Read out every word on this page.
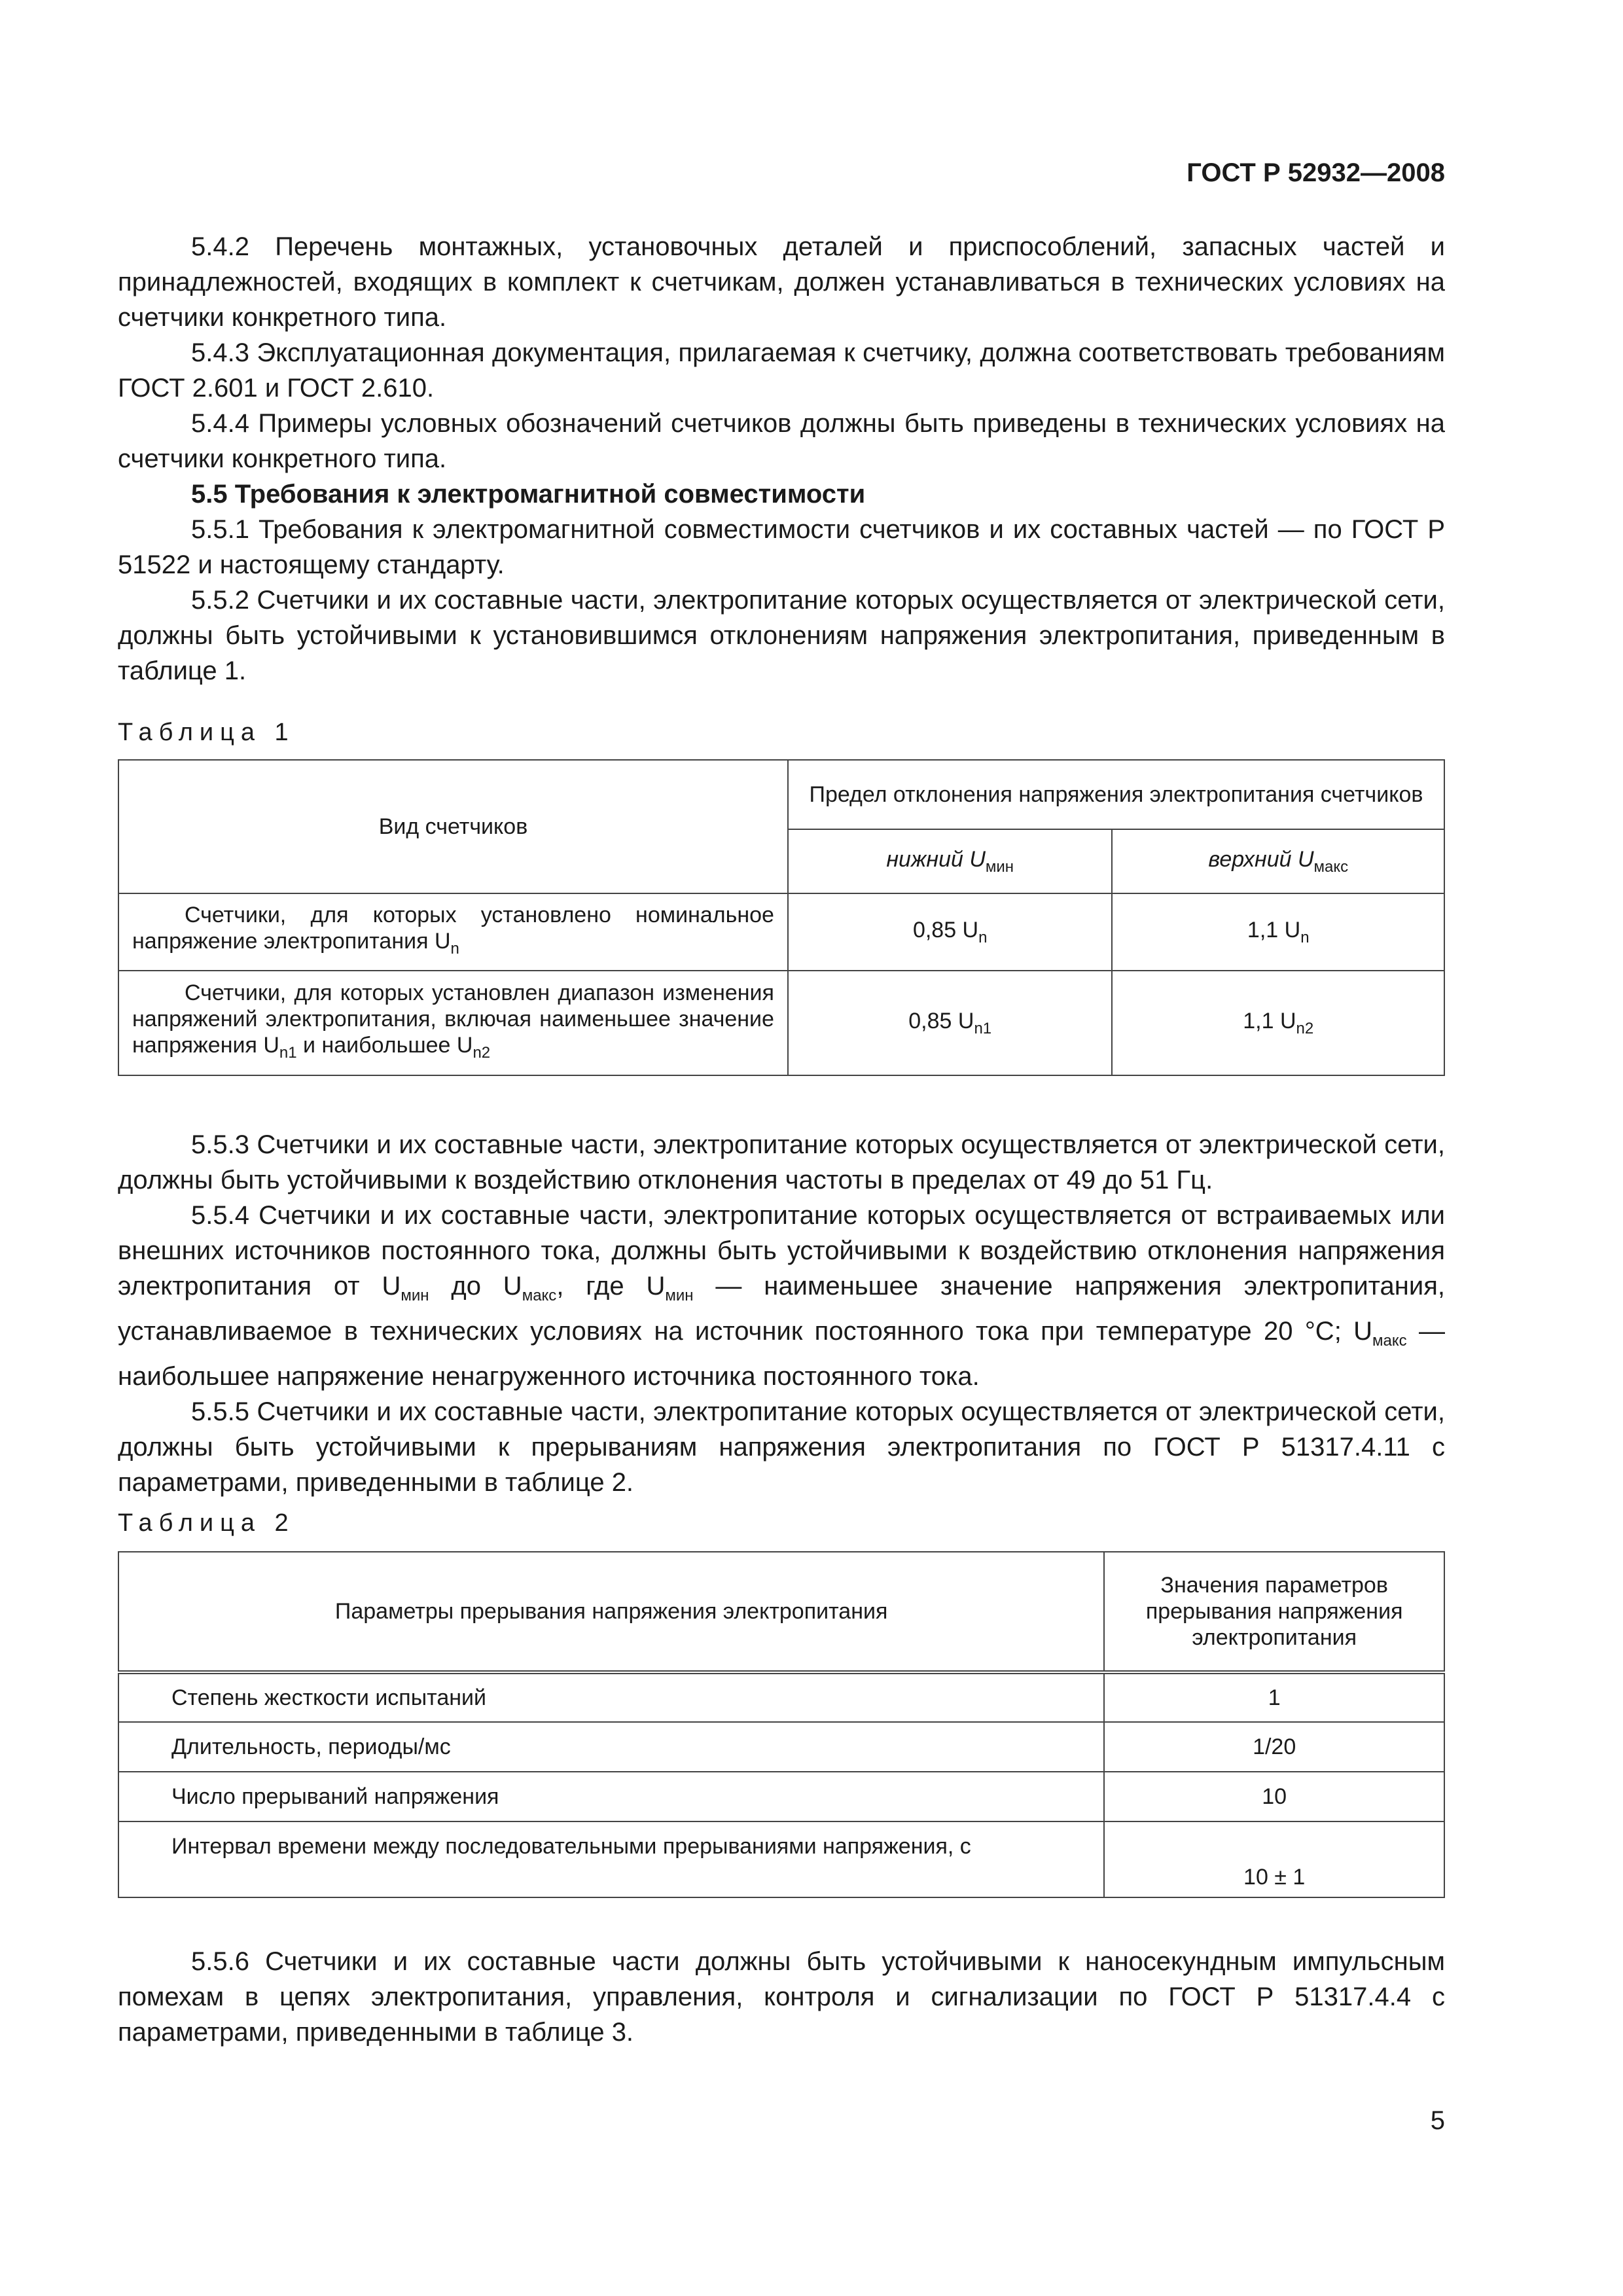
ГОСТ Р 52932—2008

5.4.2 Перечень монтажных, установочных деталей и приспособлений, запасных частей и принадлежностей, входящих в комплект к счетчикам, должен устанавливаться в технических условиях на счетчики конкретного типа.

5.4.3 Эксплуатационная документация, прилагаемая к счетчику, должна соответствовать требованиям ГОСТ 2.601 и ГОСТ 2.610.

5.4.4 Примеры условных обозначений счетчиков должны быть приведены в технических условиях на счетчики конкретного типа.

5.5 Требования к электромагнитной совместимости

5.5.1 Требования к электромагнитной совместимости счетчиков и их составных частей — по ГОСТ Р 51522 и настоящему стандарту.

5.5.2 Счетчики и их составные части, электропитание которых осуществляется от электрической сети, должны быть устойчивыми к установившимся отклонениям напряжения электропитания, приведенным в таблице 1.

Таблица 1
Вид счетчиков	Предел отклонения напряжения электропитания счетчиков	
	нижний $U_{мин}$	верхний $U_{макс}$
Счетчики, для которых установлено номинальное напряжение электропитания $U_n$	0,85 $U_n$	1,1 $U_n$
Счетчики, для которых установлен диапазон изменения напряжений электропитания, включая наименьшее значение напряжения $U_{n1}$ и наибольшее $U_{n2}$	0,85 $U_{n1}$	1,1 $U_{n2}$

5.5.3 Счетчики и их составные части, электропитание которых осуществляется от электрической сети, должны быть устойчивыми к воздействию отклонения частоты в пределах от 49 до 51 Гц.

5.5.4 Счетчики и их составные части, электропитание которых осуществляется от встраиваемых или внешних источников постоянного тока, должны быть устойчивыми к воздействию отклонения напряжения электропитания от $U_{мин}$ до $U_{макс}$, где $U_{мин}$ — наименьшее значение напряжения электропитания, устанавливаемое в технических условиях на источник постоянного тока при температуре 20 °С; $U_{макс}$ — наибольшее напряжение ненагруженного источника постоянного тока.

5.5.5 Счетчики и их составные части, электропитание которых осуществляется от электрической сети, должны быть устойчивыми к прерываниям напряжения электропитания по ГОСТ Р 51317.4.11 с параметрами, приведенными в таблице 2.

Таблица 2
Параметры прерывания напряжения электропитания	Значения параметров прерывания напряжения электропитания
Степень жесткости испытаний	1
Длительность, периоды/мс	1/20
Число прерываний напряжения	10
Интервал времени между последовательными прерываниями напряжения, с	10 ± 1

5.5.6 Счетчики и их составные части должны быть устойчивыми к наносекундным импульсным помехам в цепях электропитания, управления, контроля и сигнализации по ГОСТ Р 51317.4.4 с параметрами, приведенными в таблице 3.

5
